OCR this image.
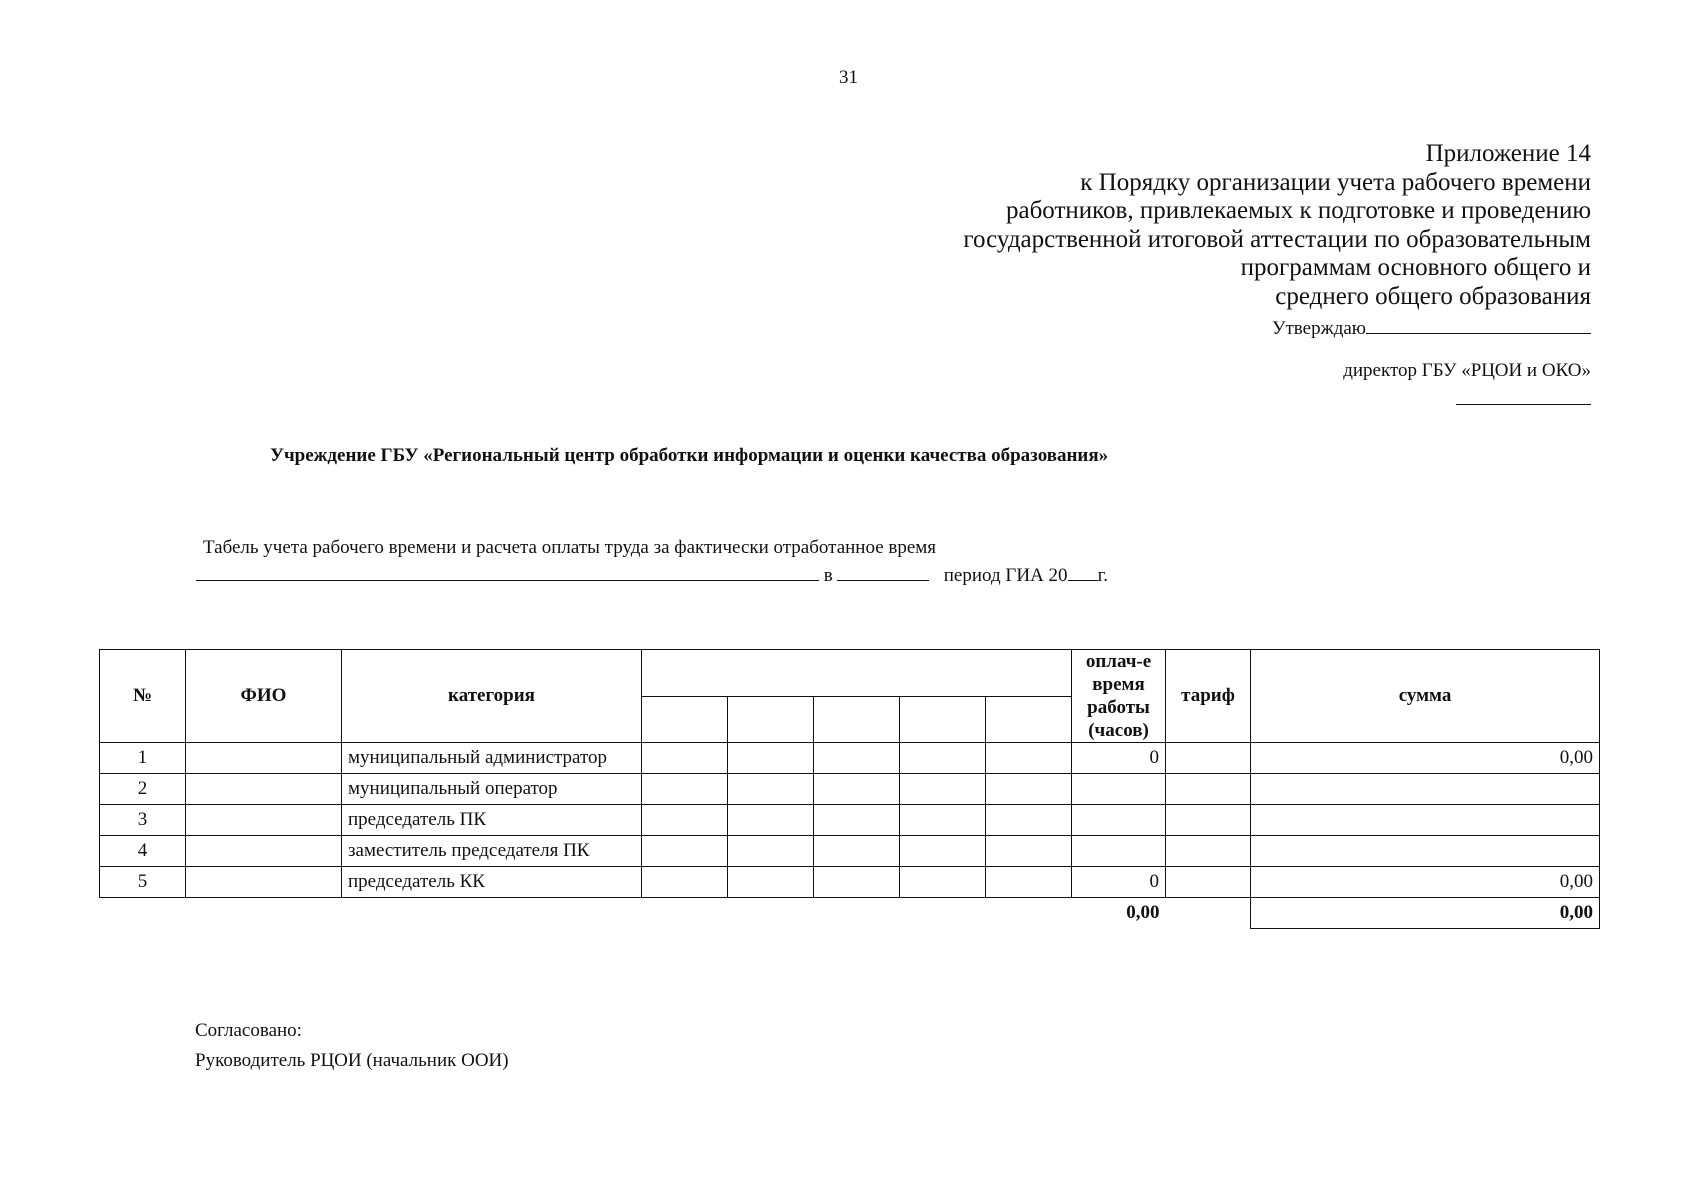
31
Приложение 14
к Порядку организации учета рабочего времени
работников, привлекаемых к подготовке и проведению
государственной итоговой аттестации по образовательным
программам основного общего и
среднего общего образования
Утверждаю
директор ГБУ «РЦОИ и ОКО»
Учреждение ГБУ «Региональный центр обработки информации и оценки качества образования»
Табель учета рабочего времени и расчета оплаты труда за фактически отработанное время
в	период ГИА 20 г.
№	ФИО	категория						оплач-е
время
работы
(часов)	тариф	сумма

1		муниципальный администратор						0		0,00
2		муниципальный оператор								
3		председатель ПК								
4		заместитель председателя ПК								
5		председатель КК						0		0,00
								0,00		0,00
Согласовано:
Руководитель РЦОИ (начальник ООИ)
